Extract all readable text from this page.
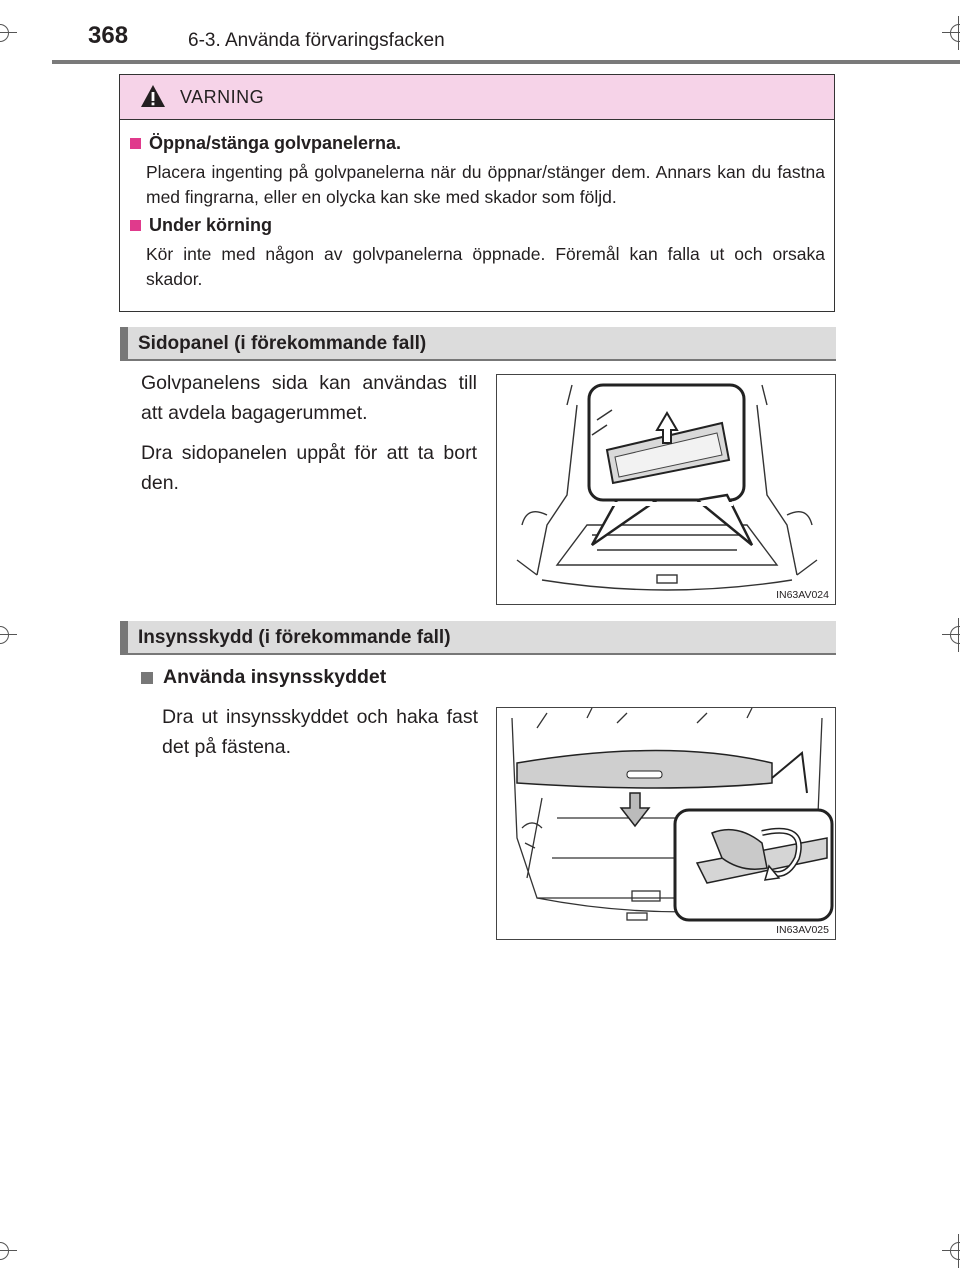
368	6-3. Använda förvaringsfacken
VARNING
Öppna/stänga golvpanelerna.
Placera ingenting på golvpanelerna när du öppnar/stänger dem. Annars kan du fastna med fingrarna, eller en olycka kan ske med skador som följd.
Under körning
Kör inte med någon av golvpanelerna öppnade. Föremål kan falla ut och orsaka skador.
Sidopanel (i förekommande fall)

Golvpanelens sida kan användas till att avdela bagagerummet.

Dra sidopanelen uppåt för att ta bort den.

IN63AV024
Insynsskydd (i förekommande fall)
Använda insynsskyddet

Dra ut insynsskyddet och haka fast det på fästena.

IN63AV025
